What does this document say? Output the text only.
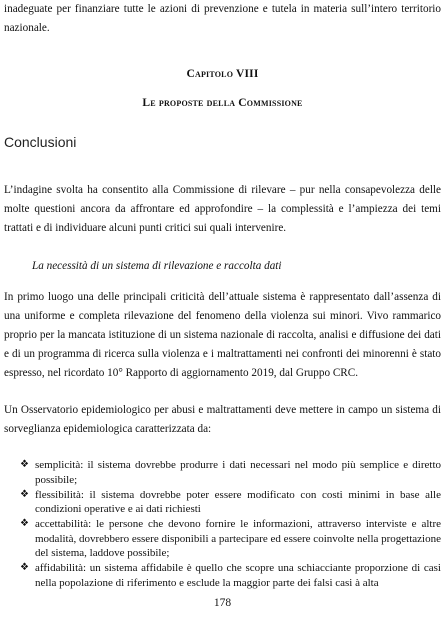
inadeguate per finanziare tutte le azioni di prevenzione e tutela in materia sull’intero territorio nazionale.

Capitolo VIII
Le proposte della Commissione
Conclusioni

L’indagine svolta ha consentito alla Commissione di rilevare – pur nella consapevolezza delle molte questioni ancora da affrontare ed approfondire – la complessità e l’ampiezza dei temi trattati e di individuare alcuni punti critici sui quali intervenire.

La necessità di un sistema di rilevazione e raccolta dati

In primo luogo una delle principali criticità dell’attuale sistema è rappresentato dall’assenza di una uniforme e completa rilevazione del fenomeno della violenza sui minori. Vivo rammarico proprio per la mancata istituzione di un sistema nazionale di raccolta, analisi e diffusione dei dati e di un programma di ricerca sulla violenza e i maltrattamenti nei confronti dei minorenni è stato espresso, nel ricordato 10° Rapporto di aggiornamento 2019, dal Gruppo CRC.

Un Osservatorio epidemiologico per abusi e maltrattamenti deve mettere in campo un sistema di sorveglianza epidemiologica caratterizzata da:

❖ semplicità: il sistema dovrebbe produrre i dati necessari nel modo più semplice e diretto possibile;
❖ flessibilità: il sistema dovrebbe poter essere modificato con costi minimi in base alle condizioni operative e ai dati richiesti
❖ accettabilità: le persone che devono fornire le informazioni, attraverso interviste e altre modalità, dovrebbero essere disponibili a partecipare ed essere coinvolte nella progettazione del sistema, laddove possibile;
❖ affidabilità: un sistema affidabile è quello che scopre una schiacciante proporzione di casi nella popolazione di riferimento e esclude la maggior parte dei falsi casi à alta
178
